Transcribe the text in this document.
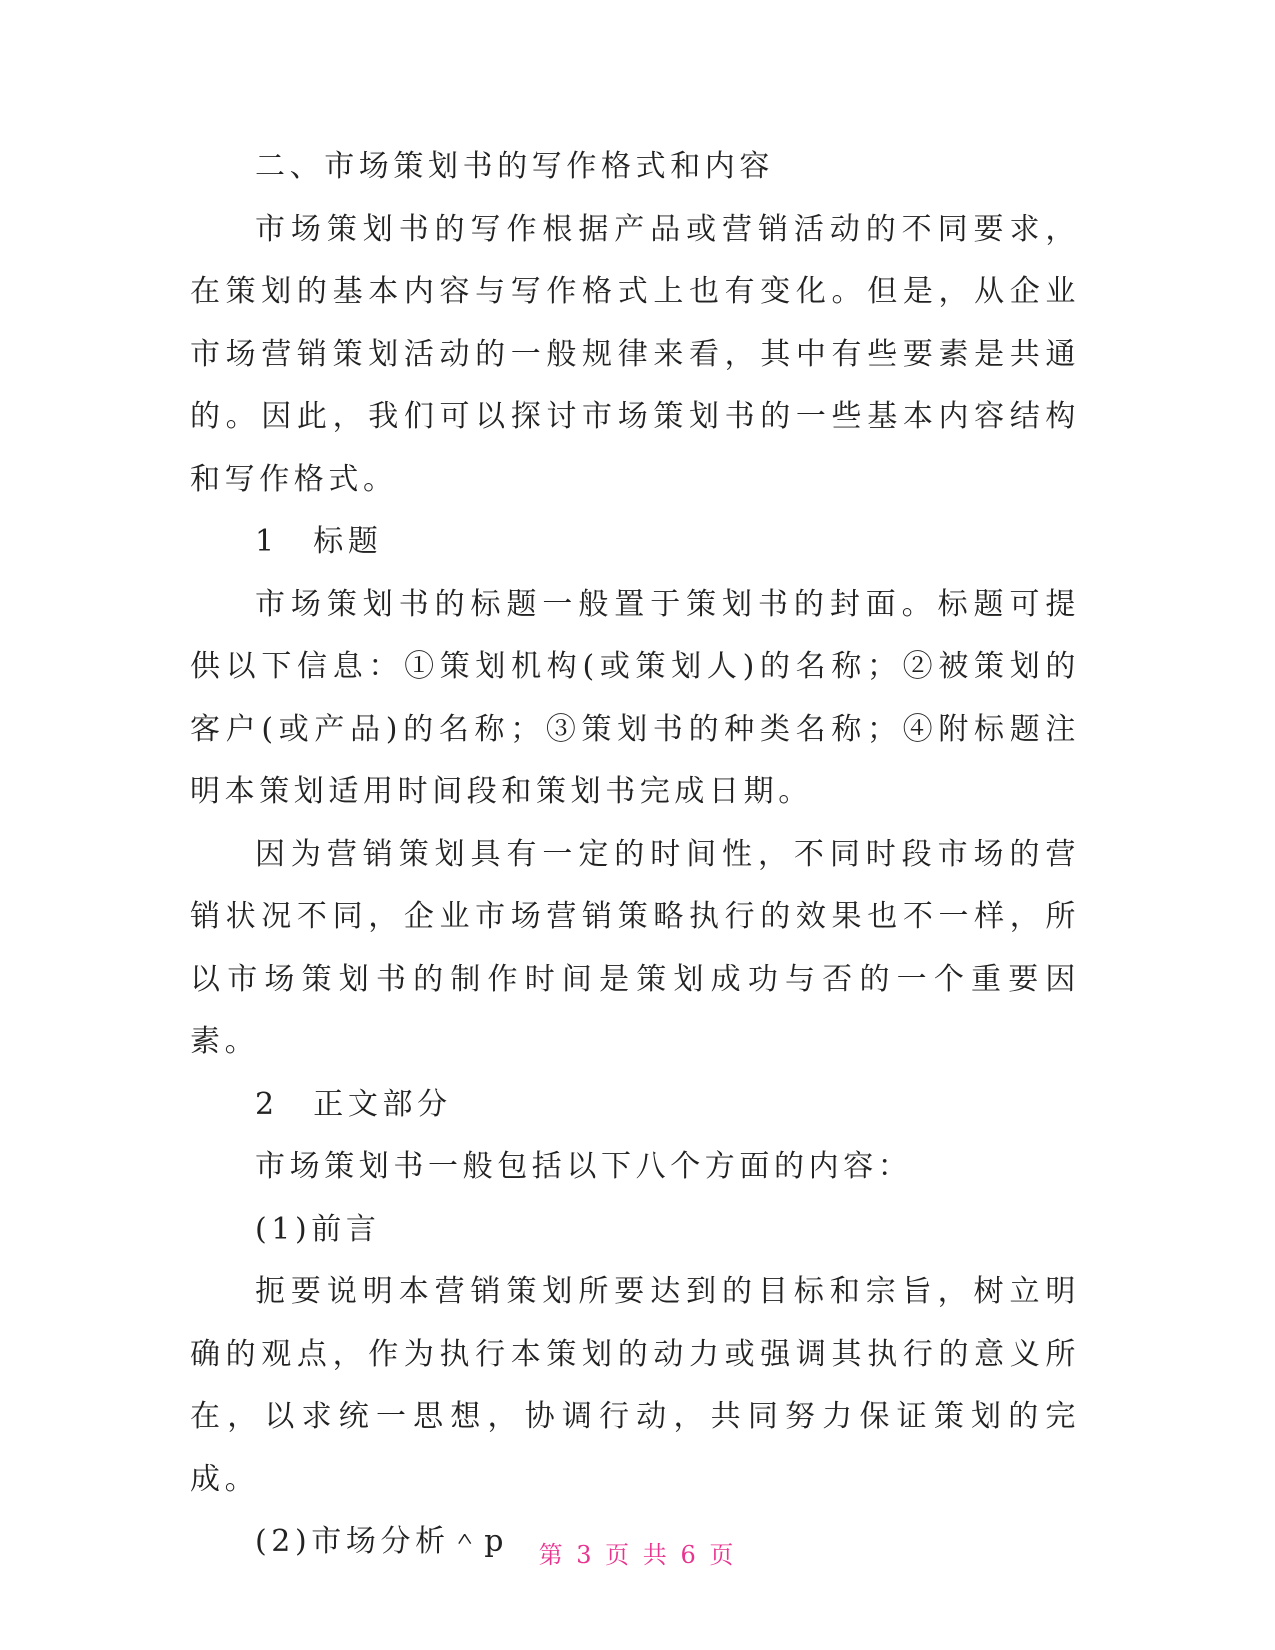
二、市场策划书的写作格式和内容

市场策划书的写作根据产品或营销活动的不同要求，在策划的基本内容与写作格式上也有变化。但是，从企业市场营销策划活动的一般规律来看，其中有些要素是共通的。因此，我们可以探讨市场策划书的一些基本内容结构和写作格式。

1　标题

市场策划书的标题一般置于策划书的封面。标题可提供以下信息：①策划机构(或策划人)的名称；②被策划的客户(或产品)的名称；③策划书的种类名称；④附标题注明本策划适用时间段和策划书完成日期。

因为营销策划具有一定的时间性，不同时段市场的营销状况不同，企业市场营销策略执行的效果也不一样，所以市场策划书的制作时间是策划成功与否的一个重要因素。

2　正文部分

市场策划书一般包括以下八个方面的内容：

(1)前言

扼要说明本营销策划所要达到的目标和宗旨，树立明确的观点，作为执行本策划的动力或强调其执行的意义所在，以求统一思想，协调行动，共同努力保证策划的完成。

(2)市场分析＾p	第 3 页 共 6 页
